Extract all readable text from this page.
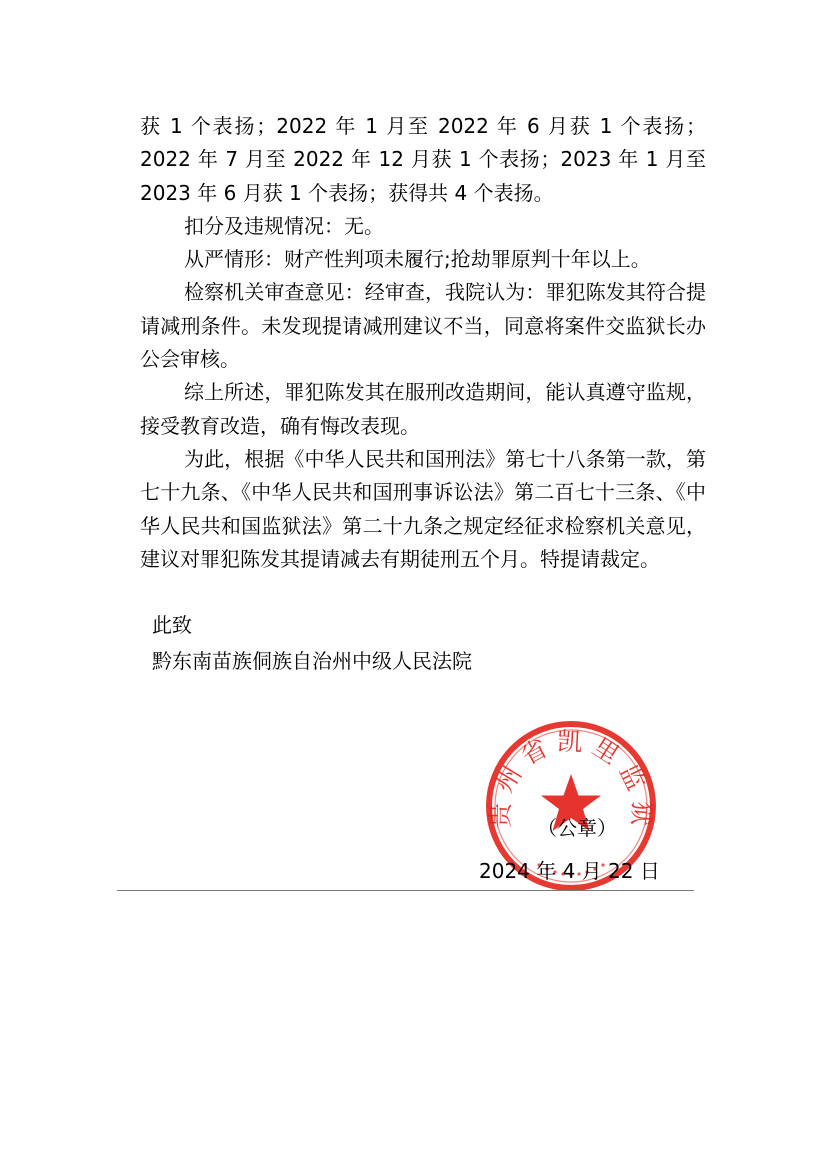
获 1 个表扬；2022 年 1 月至 2022 年 6 月获 1 个表扬；2022 年 7 月至 2022 年 12 月获 1 个表扬；2023 年 1 月至 2023 年 6 月获 1 个表扬；获得共 4 个表扬。

扣分及违规情况：无。

从严情形：财产性判项未履行;抢劫罪原判十年以上。

检察机关审查意见：经审查，我院认为：罪犯陈发其符合提请减刑条件。未发现提请减刑建议不当，同意将案件交监狱长办公会审核。

综上所述，罪犯陈发其在服刑改造期间，能认真遵守监规，接受教育改造，确有悔改表现。

为此，根据《中华人民共和国刑法》第七十八条第一款，第七十九条、《中华人民共和国刑事诉讼法》第二百七十三条、《中华人民共和国监狱法》第二十九条之规定经征求检察机关意见，建议对罪犯陈发其提请减去有期徒刑五个月。特提请裁定。

此致
黔东南苗族侗族自治州中级人民法院
贵州省凯里监狱
（公章）
2024 年 4 月 22 日
